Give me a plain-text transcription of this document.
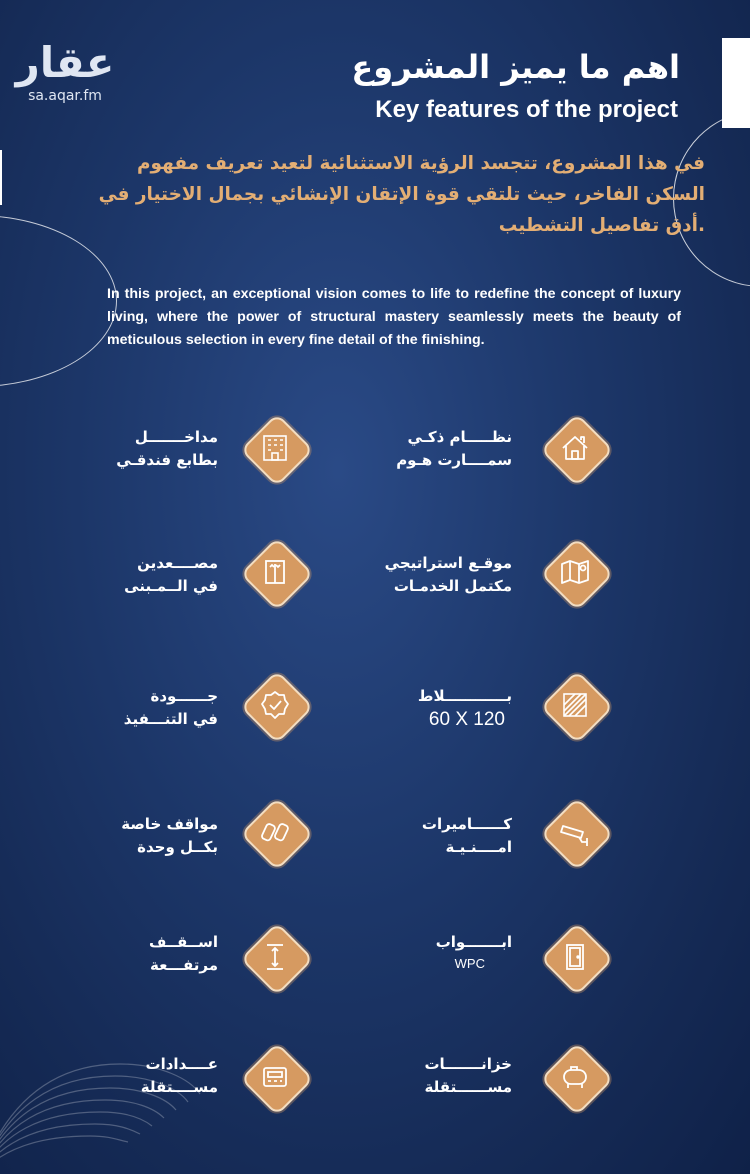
عقار
sa.aqar.fm
اهم ما يميز المشروع
Key features of the project

في هذا المشروع، تتجسد الرؤية الاستثنائية لتعيد تعريف مفهوم

السكن الفاخر، حيث تلتقي قوة الإتقان الإنشائي بجمال الاختيار في

.أدق تفاصيل التشطيب

In this project, an exceptional vision comes to life to redefine the concept of luxury living, where the power of structural mastery seamlessly meets the beauty of meticulous selection in every fine detail of the finishing.
نظـــــام ذكـي
سمــــارت هـوم
موقـع استراتيجي
مكتمل الخدمـات
بــــــــــــلاط
60 X 120
كــــــاميرات
امــــنـيـة
ابـــــــواب
WPC
خزانـــــــات
مســــــتقلة
مداخـــــــل
بطابع فندقـي
مصــــعدين
في الــمـبنى
جــــــودة
في التنـــفيذ
مواقف خاصة
بكــل وحدة
اســقــف
مرتفـــعة
عــــدادات
مســــتقلة
